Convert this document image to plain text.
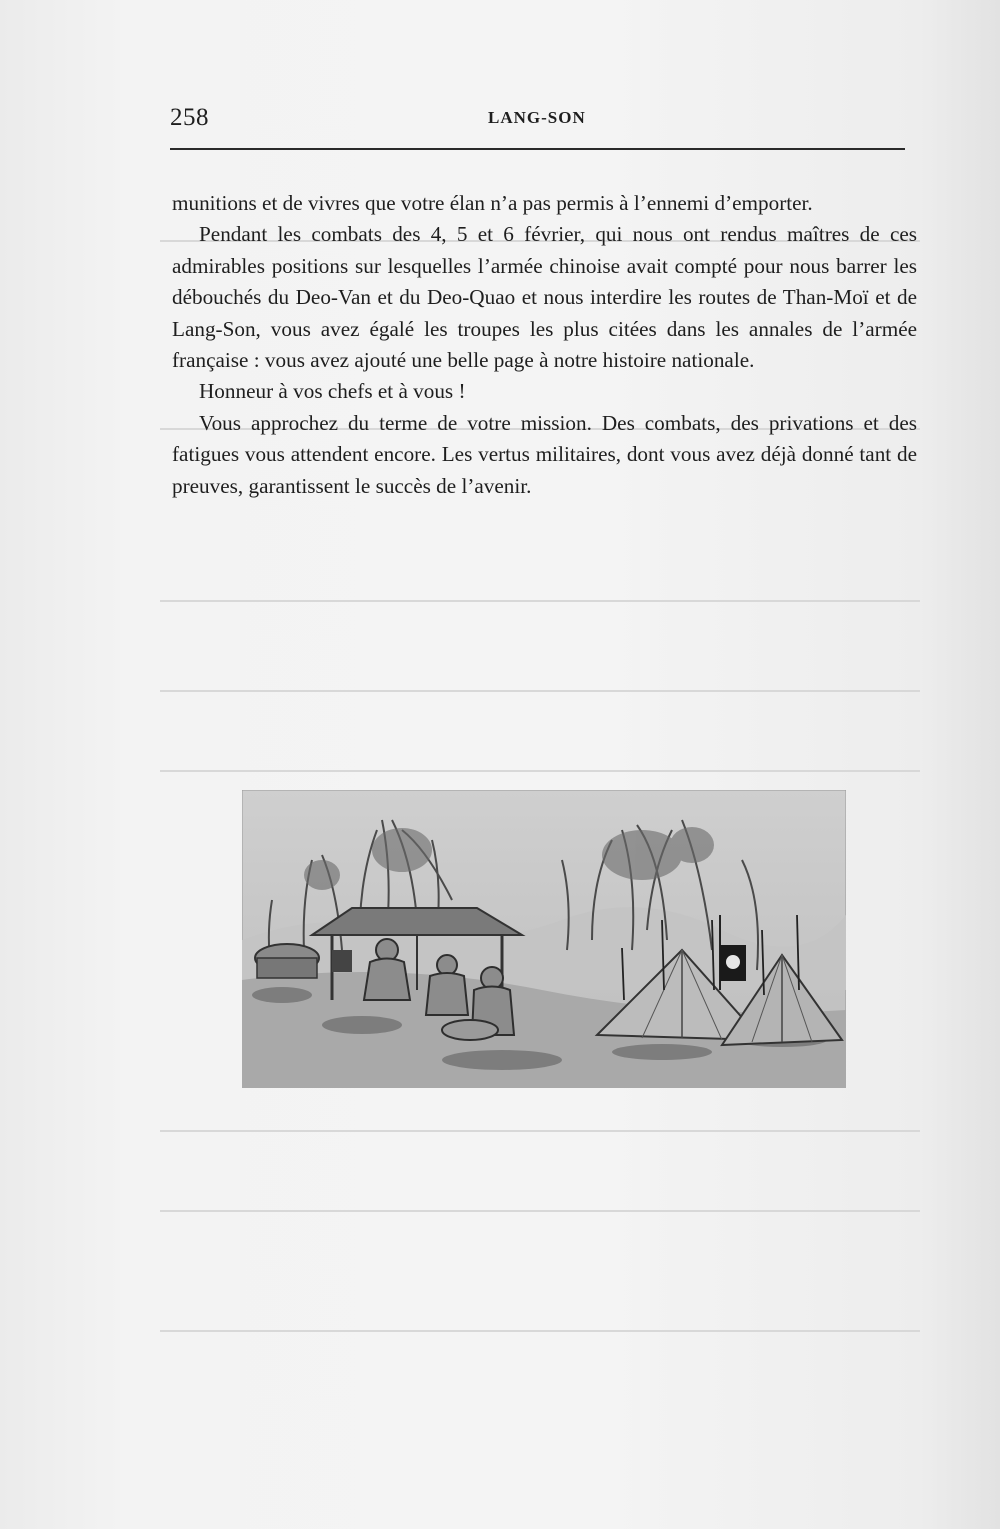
258	LANG-SON

munitions et de vivres que votre élan n’a pas permis à l’ennemi d’emporter.

Pendant les combats des 4, 5 et 6 février, qui nous ont rendus maîtres de ces admirables positions sur lesquelles l’armée chinoise avait compté pour nous barrer les débouchés du Deo-Van et du Deo-Quao et nous interdire les routes de Than-Moï et de Lang-Son, vous avez égalé les troupes les plus citées dans les annales de l’armée française : vous avez ajouté une belle page à notre histoire nationale.

Honneur à vos chefs et à vous !

Vous approchez du terme de votre mission. Des combats, des privations et des fatigues vous attendent encore. Les vertus militaires, dont vous avez déjà donné tant de preuves, garantissent le succès de l’avenir.
